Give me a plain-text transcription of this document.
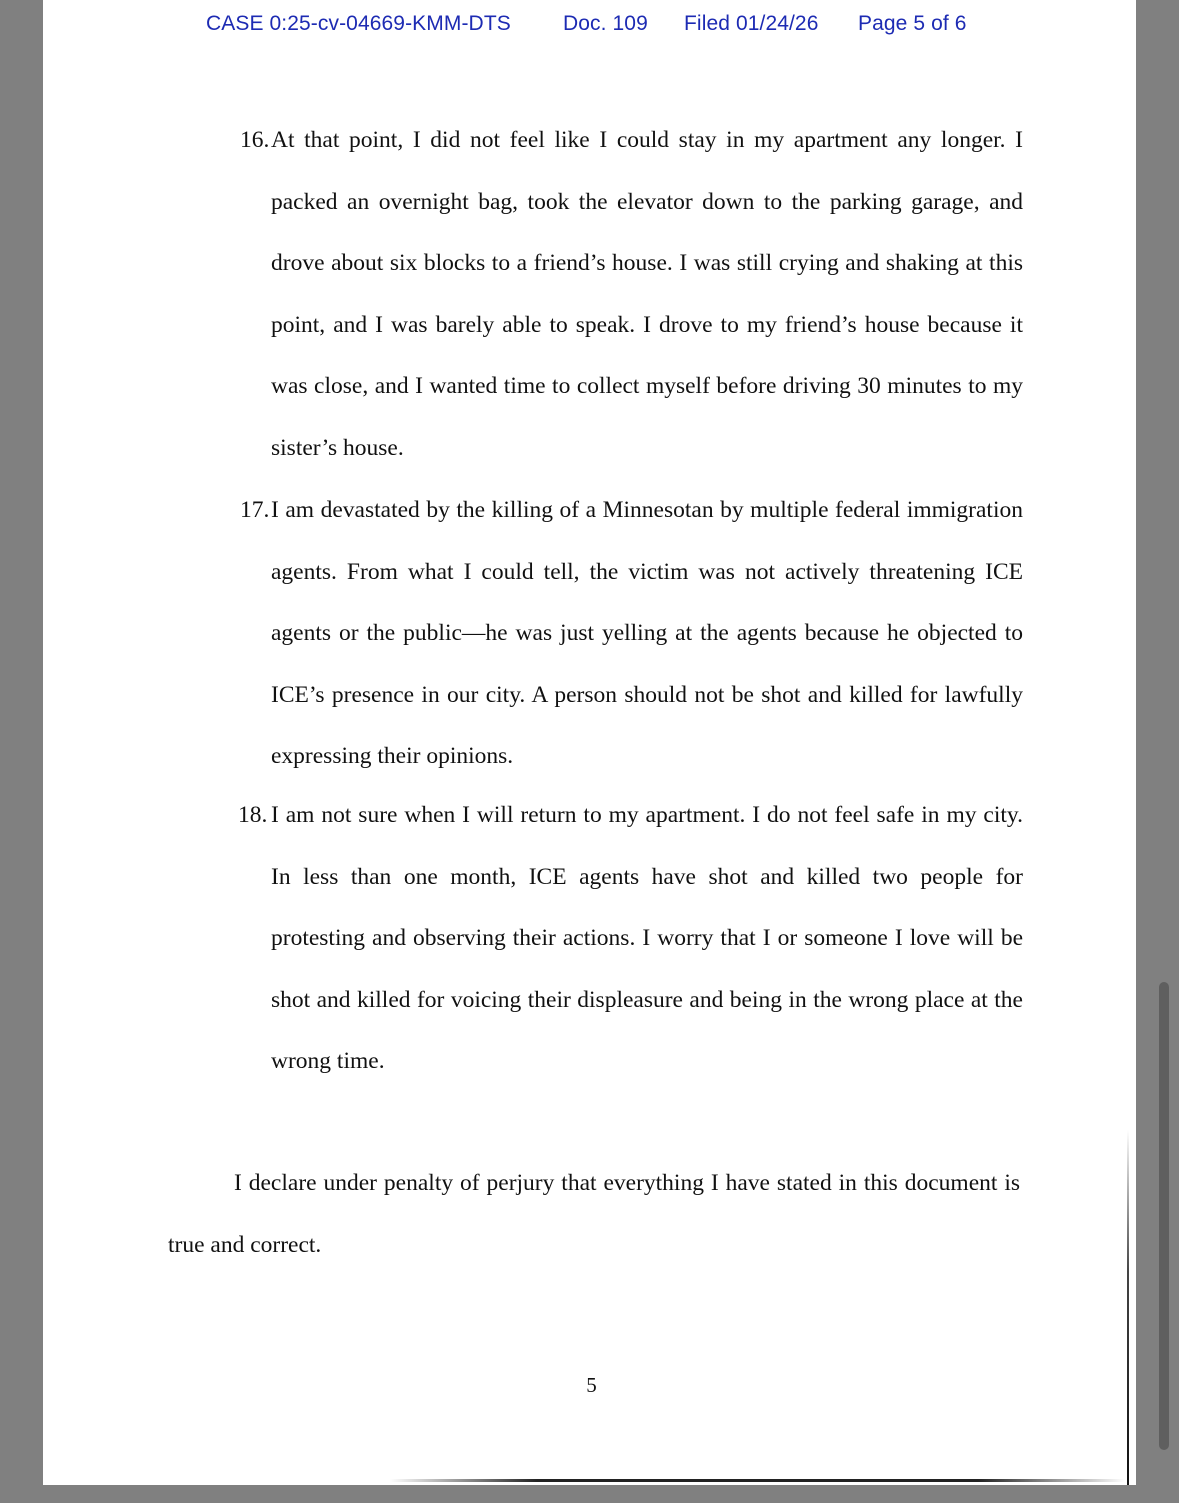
CASE 0:25-cv-04669-KMM-DTS Doc. 109 Filed 01/24/26 Page 5 of 6
16. At that point, I did not feel like I could stay in my apartment any longer. I packed an overnight bag, took the elevator down to the parking garage, and drove about six blocks to a friend’s house. I was still crying and shaking at this point, and I was barely able to speak. I drove to my friend’s house because it was close, and I wanted time to collect myself before driving 30 minutes to my sister’s house.
17. I am devastated by the killing of a Minnesotan by multiple federal immigration agents. From what I could tell, the victim was not actively threatening ICE agents or the public—he was just yelling at the agents because he objected to ICE’s presence in our city. A person should not be shot and killed for lawfully expressing their opinions.
18. I am not sure when I will return to my apartment. I do not feel safe in my city. In less than one month, ICE agents have shot and killed two people for protesting and observing their actions. I worry that I or someone I love will be shot and killed for voicing their displeasure and being in the wrong place at the wrong time.
I declare under penalty of perjury that everything I have stated in this document is true and correct.
5
